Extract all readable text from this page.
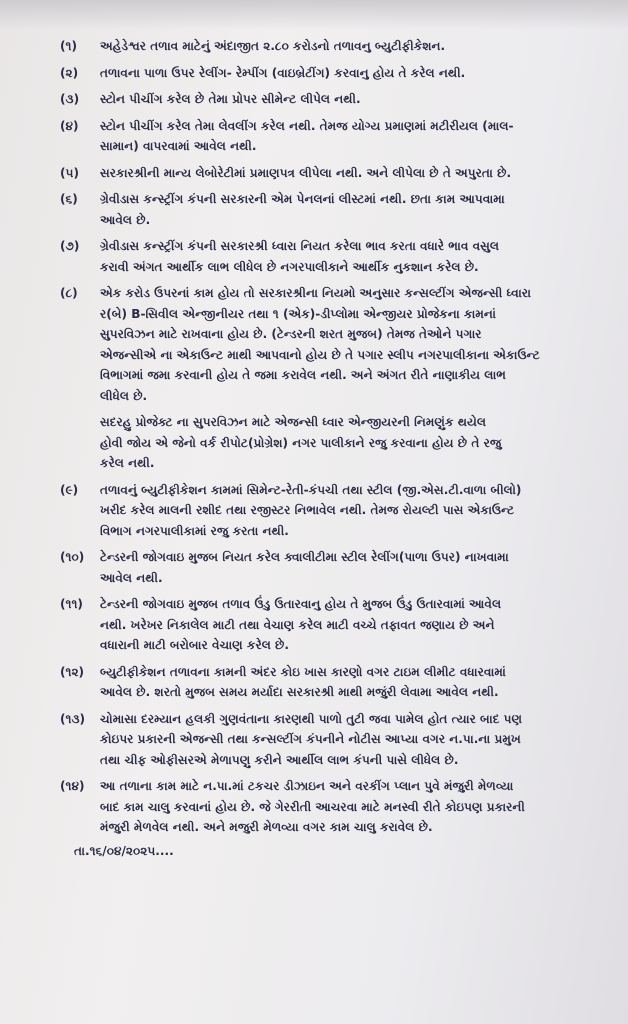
(૧)	અહેડેશ્વર તળાવ માટેનું અંદાજીત ૨.૮૦ કરોડનો તળાવનુ બ્યુટીફીકેશન.
(૨)	તળાવના પાળા ઉપર રેલીંગ- રેમ્પીંગ (વાઇબ્રેટીંગ) કરવાનુ હોય તે કરેલ નથી.
(૩)	સ્ટોન પીચીંગ કરેલ છે તેમા પ્રોપર સીમેન્ટ લીપેલ નથી.
(૪)	સ્ટોન પીચીંગ કરેલ તેમા લેવલીંગ કરેલ નથી. તેમજ યોગ્ય પ્રમાણમાં મટીરીયલ (માલ-
સામાન) વાપરવામાં આવેલ નથી.
(૫)	સરકારશ્રીની માન્ય લેબોરેટીમાં પ્રમાણપત્ર લીપેલા નથી. અને લીપેલા છે તે અપુરતા છે.
(૬)	ગ્રેવીડાસ કન્સ્ટ્રીંગ કંપની સરકારની એમ પેનલનાં લીસ્ટમાં નથી. છતા કામ આપવામા
આવેલ છે.
(૭)	ગ્રેવીડાસ કન્સ્ટ્રીંગ કંપની સરકારશ્રી ધ્વારા નિયત કરેલા ભાવ કરતા વધારે ભાવ વસુલ
કરાવી અંગત આર્થીક લાભ લીધેલ છે નગરપાલીકાને આર્થીક નુકશાન કરેલ છે.
(૮)	એક કરોડ ઉપરનાં કામ હોય તો સરકારશ્રીના નિયમો અનુસાર કન્સલ્ટીંગ એજન્સી ધ્વારા
ર(બે) B-સિવીલ એન્જીનીયર તથા ૧ (એક)-ડીપ્લોમા એન્જીયર પ્રોજેકના કામનાં
સુપરવિઝન માટે રાખવાના હોય છે. (ટેન્ડરની શરત મુજબ) તેમજ તેઓને પગાર
એજન્સીએ ના એકાઉન્ટ માથી આપવાનો હોય છે તે પગાર સ્લીપ નગરપાલીકાના એકાઉન્ટ
વિભાગમાં જમા કરવાની હોય તે જમા કરાવેલ નથી. અને અંગત રીતે નાણાકીય લાભ
લીધેલ છે.
સદરહુ પ્રોજેક્ટ ના સુપરવિઝન માટે એજન્સી ધ્વાર એન્જીયરની નિમણુંક થયેલ
હોવી જોય એ જેનો વર્ક રીપોટ(પ્રોગ્રેશ) નગર પાલીકાને રજુ કરવાના હોય છે તે રજુ
કરેલ નથી.
(૯)	તળાવનું બ્યુટીફીકેશન કામમાં સિમેન્ટ-રેતી-કંપચી તથા સ્ટીલ (જી.એસ.ટી.વાળા બીલો)
ખરીદ કરેલ માલની રશીદ તથા રજીસ્ટર નિભાવેલ નથી. તેમજ રોયલ્ટી પાસ એકાઉન્ટ
વિભાગ નગરપાલીકામાં રજુ કરતા નથી.
(૧૦)	ટેન્ડરની જોગવાઇ મુજબ નિયત કરેલ ક્વાલીટીમા સ્ટીલ રેલીંગ(પાળા ઉપર) નાખવામા
આવેલ નથી.
(૧૧)	ટેન્ડરની જોગવાઇ મુજબ તળાવ ઉંડુ ઉતારવાનુ હોય તે મુજબ ઉંડુ ઉતારવામાં આવેલ
નથી. ખરેખર નિકાલેલ માટી તથા વેચાણ કરેલ માટી વચ્ચે તફાવત જણાય છે અને
વધારાની માટી બરોબાર વેચાણ કરેલ છે.
(૧૨)	બ્યુટીફીકેશન તળાવના કામની અંદર કોઇ ખાસ કારણો વગર ટાઇમ લીમીટ વધારવામાં
આવેલ છે. શરતો મુજબ સમય મર્યાદા સરકારશ્રી માથી મજુંરી લેવામા આવેલ નથી.
(૧૩)	ચોમાસા દરમ્યાન હલકી ગુણવંતાના કારણથી પાળો તુટી જવા પામેલ હોત ત્યાર બાદ પણ
કોઇપર પ્રકારની એજન્સી તથા કન્સલ્ટીંગ કંપનીને નોટીસ આપ્યા વગર ન.પા.ના પ્રમુખ
તથા ચીફ ઓફીસરએ મેળાપણુ કરીને આર્થીલ લાભ કંપની પાસે લીધેલ છે.
(૧૪)	આ તળાના કામ માટે ન.પા.માં ટકચર ડીઝાઇન અને વરકીંગ પ્લાન પુવે મંજુરી મેળવ્યા
બાદ કામ ચાલુ કરવાનાં હોય છે. જે ગેરરીતી આચરવા માટે મનસ્વી રીતે કોઇપણ પ્રકારની
મંજુરી મેળવેલ નથી. અને મજુરી મેળવ્યા વગર કામ ચાલુ કરાવેલ છે.
તા.૧૬/૦૪/૨૦૨૫....
